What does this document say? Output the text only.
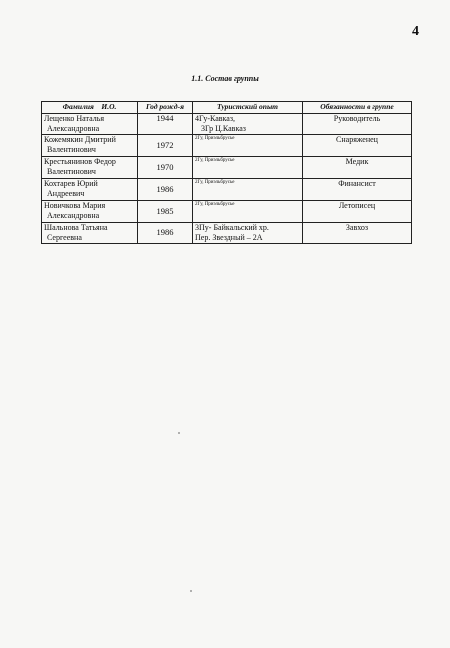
4
1.1. Состав группы
Фамилия    И.О.	Год рожд-я	Туристский опыт	Обязанности в группе

Лещенко Наталья
Александровна	1944	4Гу-Кавказ,
3Гр Ц.Кавказ	Руководитель

Кожемякин Дмитрий
Валентинович	1972	2Гу, Приэльбрусье	Снаряженец

Крестьянинов Федор
Валентинович	1970	2Гу, Приэльбрусье	Медик

Кохтарев Юрий
Андреевич	1986	2Гу, Приэльбрусье	Финансист

Новичкова Мария
Александровна	1985	2Гу, Приэльбрусье	Летописец

Шальнова Татьяна
Сергеевна	1986	3Пу- Байкальский хр.
Пер. Звездный – 2А	Завхоз
